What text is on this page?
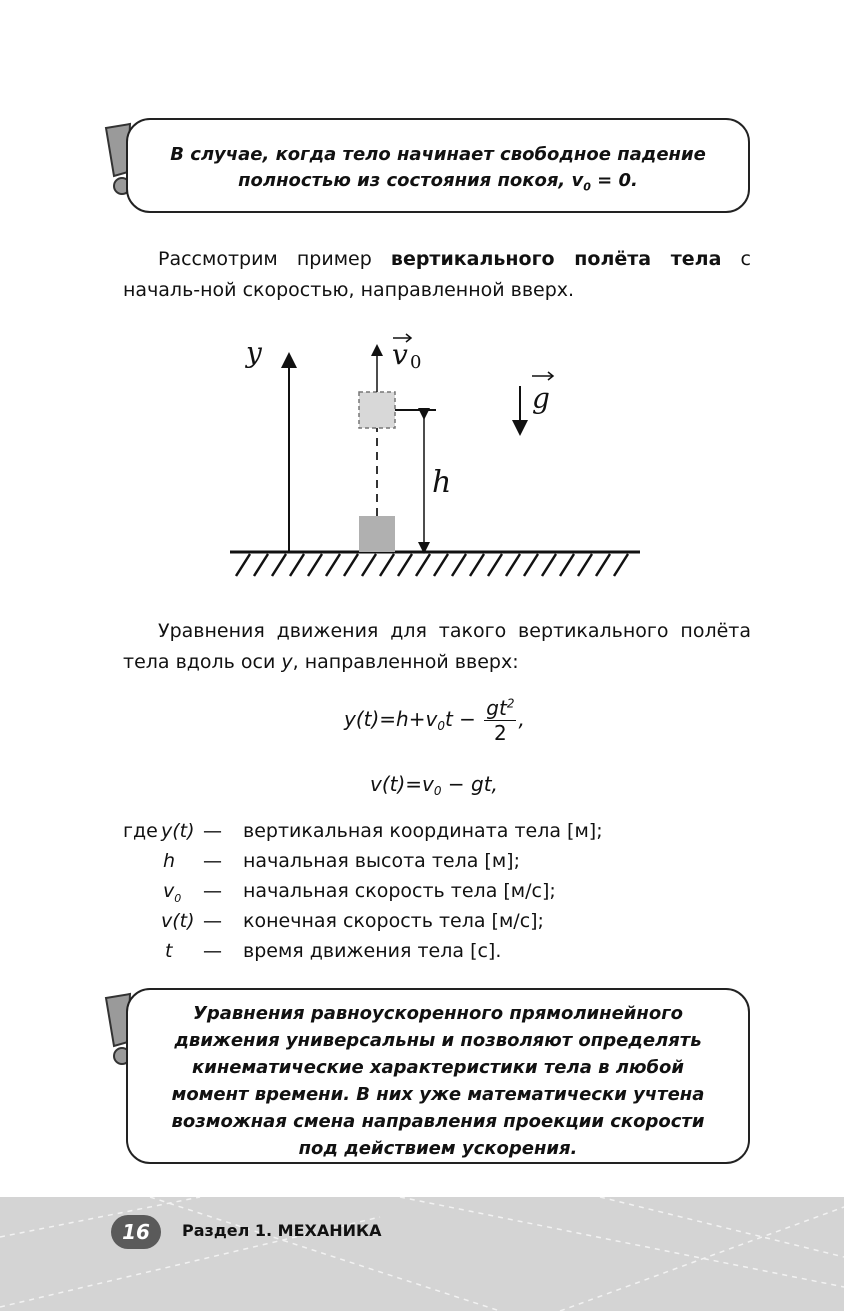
В случае, когда тело начинает свободное падение
полностью из состояния покоя, $v_0 = 0$.

Рассмотрим пример вертикального полёта тела с началь-ной скоростью, направленной вверх.

y	v 0
h
g

Уравнения движения для такого вертикального полёта тела вдоль оси y, направленной вверх:

$y(t)=h+v_0t - \frac{gt^2}{2}$ ,
$v(t)=v_0$ − gt,
где y(t) — вертикальная координата тела [м];
h — начальная высота тела [м];
$v_0$ — начальная скорость тела [м/с];
v(t) — конечная скорость тела [м/с];
t — время движения тела [с].
Уравнения равноускоренного прямолинейного
движения универсальны и позволяют определять
кинематические характеристики тела в любой
момент времени. В них уже математически учтена
возможная смена направления проекции скорости
под действием ускорения.
16	Раздел 1. МЕХАНИКА
